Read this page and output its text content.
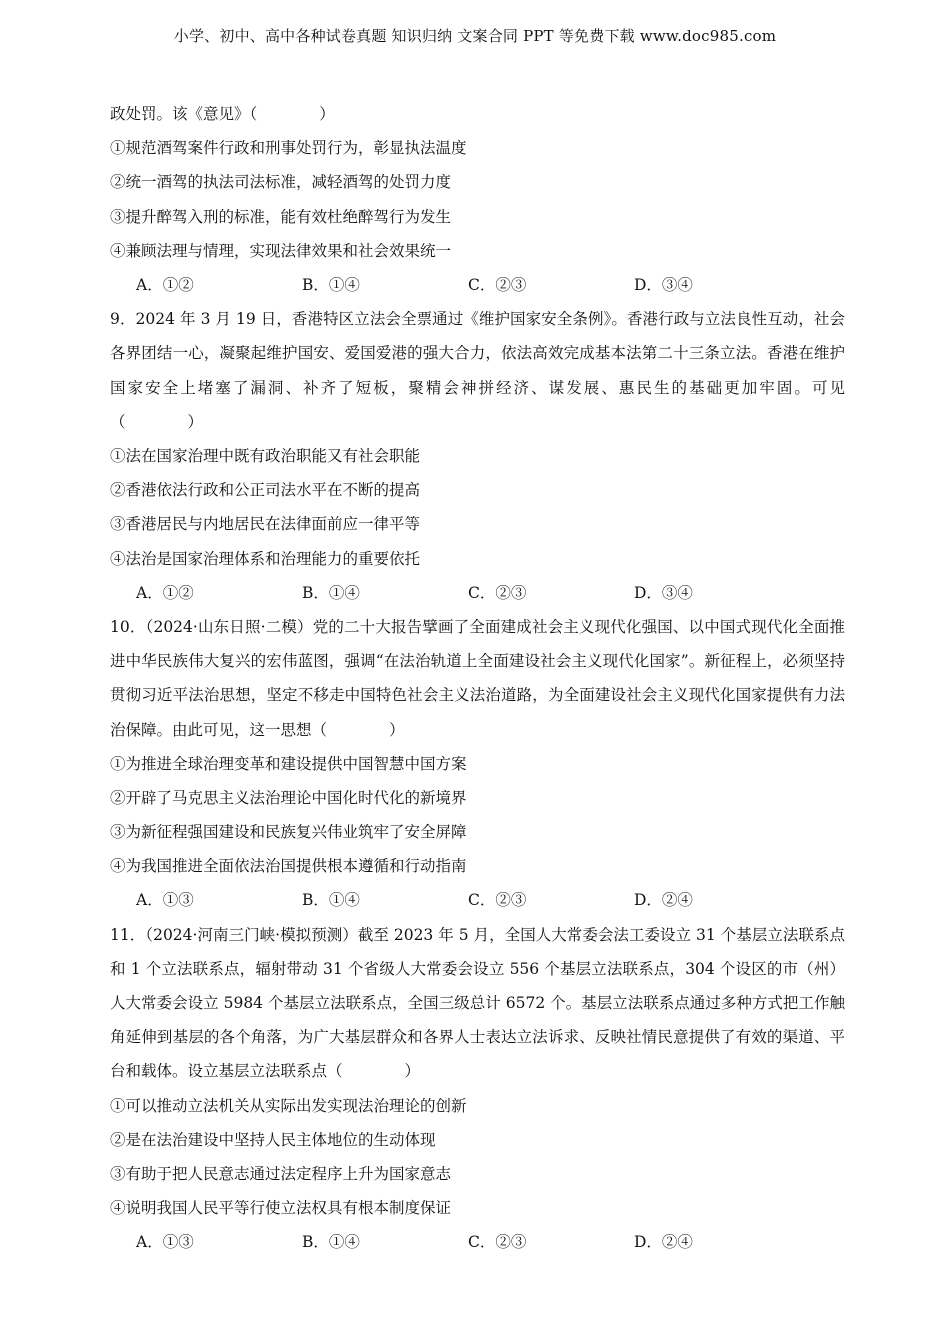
小学、初中、高中各种试卷真题 知识归纳 文案合同 PPT 等免费下载 www.doc985.com
政处罚。该《意见》（　　　　）
①规范酒驾案件行政和刑事处罚行为，彰显执法温度
②统一酒驾的执法司法标准，减轻酒驾的处罚力度
③提升醉驾入刑的标准，能有效杜绝醉驾行为发生
④兼顾法理与情理，实现法律效果和社会效果统一
A．①②	B．①④	C．②③	D．③④
9．2024 年 3 月 19 日，香港特区立法会全票通过《维护国家安全条例》。香港行政与立法良性互动，社会各界团结一心，凝聚起维护国安、爱国爱港的强大合力，依法高效完成基本法第二十三条立法。香港在维护国家安全上堵塞了漏洞、补齐了短板，聚精会神拼经济、谋发展、惠民生的基础更加牢固。可见（　　　　）
①法在国家治理中既有政治职能又有社会职能
②香港依法行政和公正司法水平在不断的提高
③香港居民与内地居民在法律面前应一律平等
④法治是国家治理体系和治理能力的重要依托
A．①②	B．①④	C．②③	D．③④
10．（2024·山东日照·二模）党的二十大报告擘画了全面建成社会主义现代化强国、以中国式现代化全面推进中华民族伟大复兴的宏伟蓝图，强调“在法治轨道上全面建设社会主义现代化国家”。新征程上，必须坚持贯彻习近平法治思想，坚定不移走中国特色社会主义法治道路，为全面建设社会主义现代化国家提供有力法治保障。由此可见，这一思想（　　　　）
①为推进全球治理变革和建设提供中国智慧中国方案
②开辟了马克思主义法治理论中国化时代化的新境界
③为新征程强国建设和民族复兴伟业筑牢了安全屏障
④为我国推进全面依法治国提供根本遵循和行动指南
A．①③	B．①④	C．②③	D．②④
11．（2024·河南三门峡·模拟预测）截至 2023 年 5 月，全国人大常委会法工委设立 31 个基层立法联系点和 1 个立法联系点，辐射带动 31 个省级人大常委会设立 556 个基层立法联系点，304 个设区的市（州）人大常委会设立 5984 个基层立法联系点，全国三级总计 6572 个。基层立法联系点通过多种方式把工作触角延伸到基层的各个角落，为广大基层群众和各界人士表达立法诉求、反映社情民意提供了有效的渠道、平台和载体。设立基层立法联系点（　　　　）
①可以推动立法机关从实际出发实现法治理论的创新
②是在法治建设中坚持人民主体地位的生动体现
③有助于把人民意志通过法定程序上升为国家意志
④说明我国人民平等行使立法权具有根本制度保证
A．①③	B．①④	C．②③	D．②④
